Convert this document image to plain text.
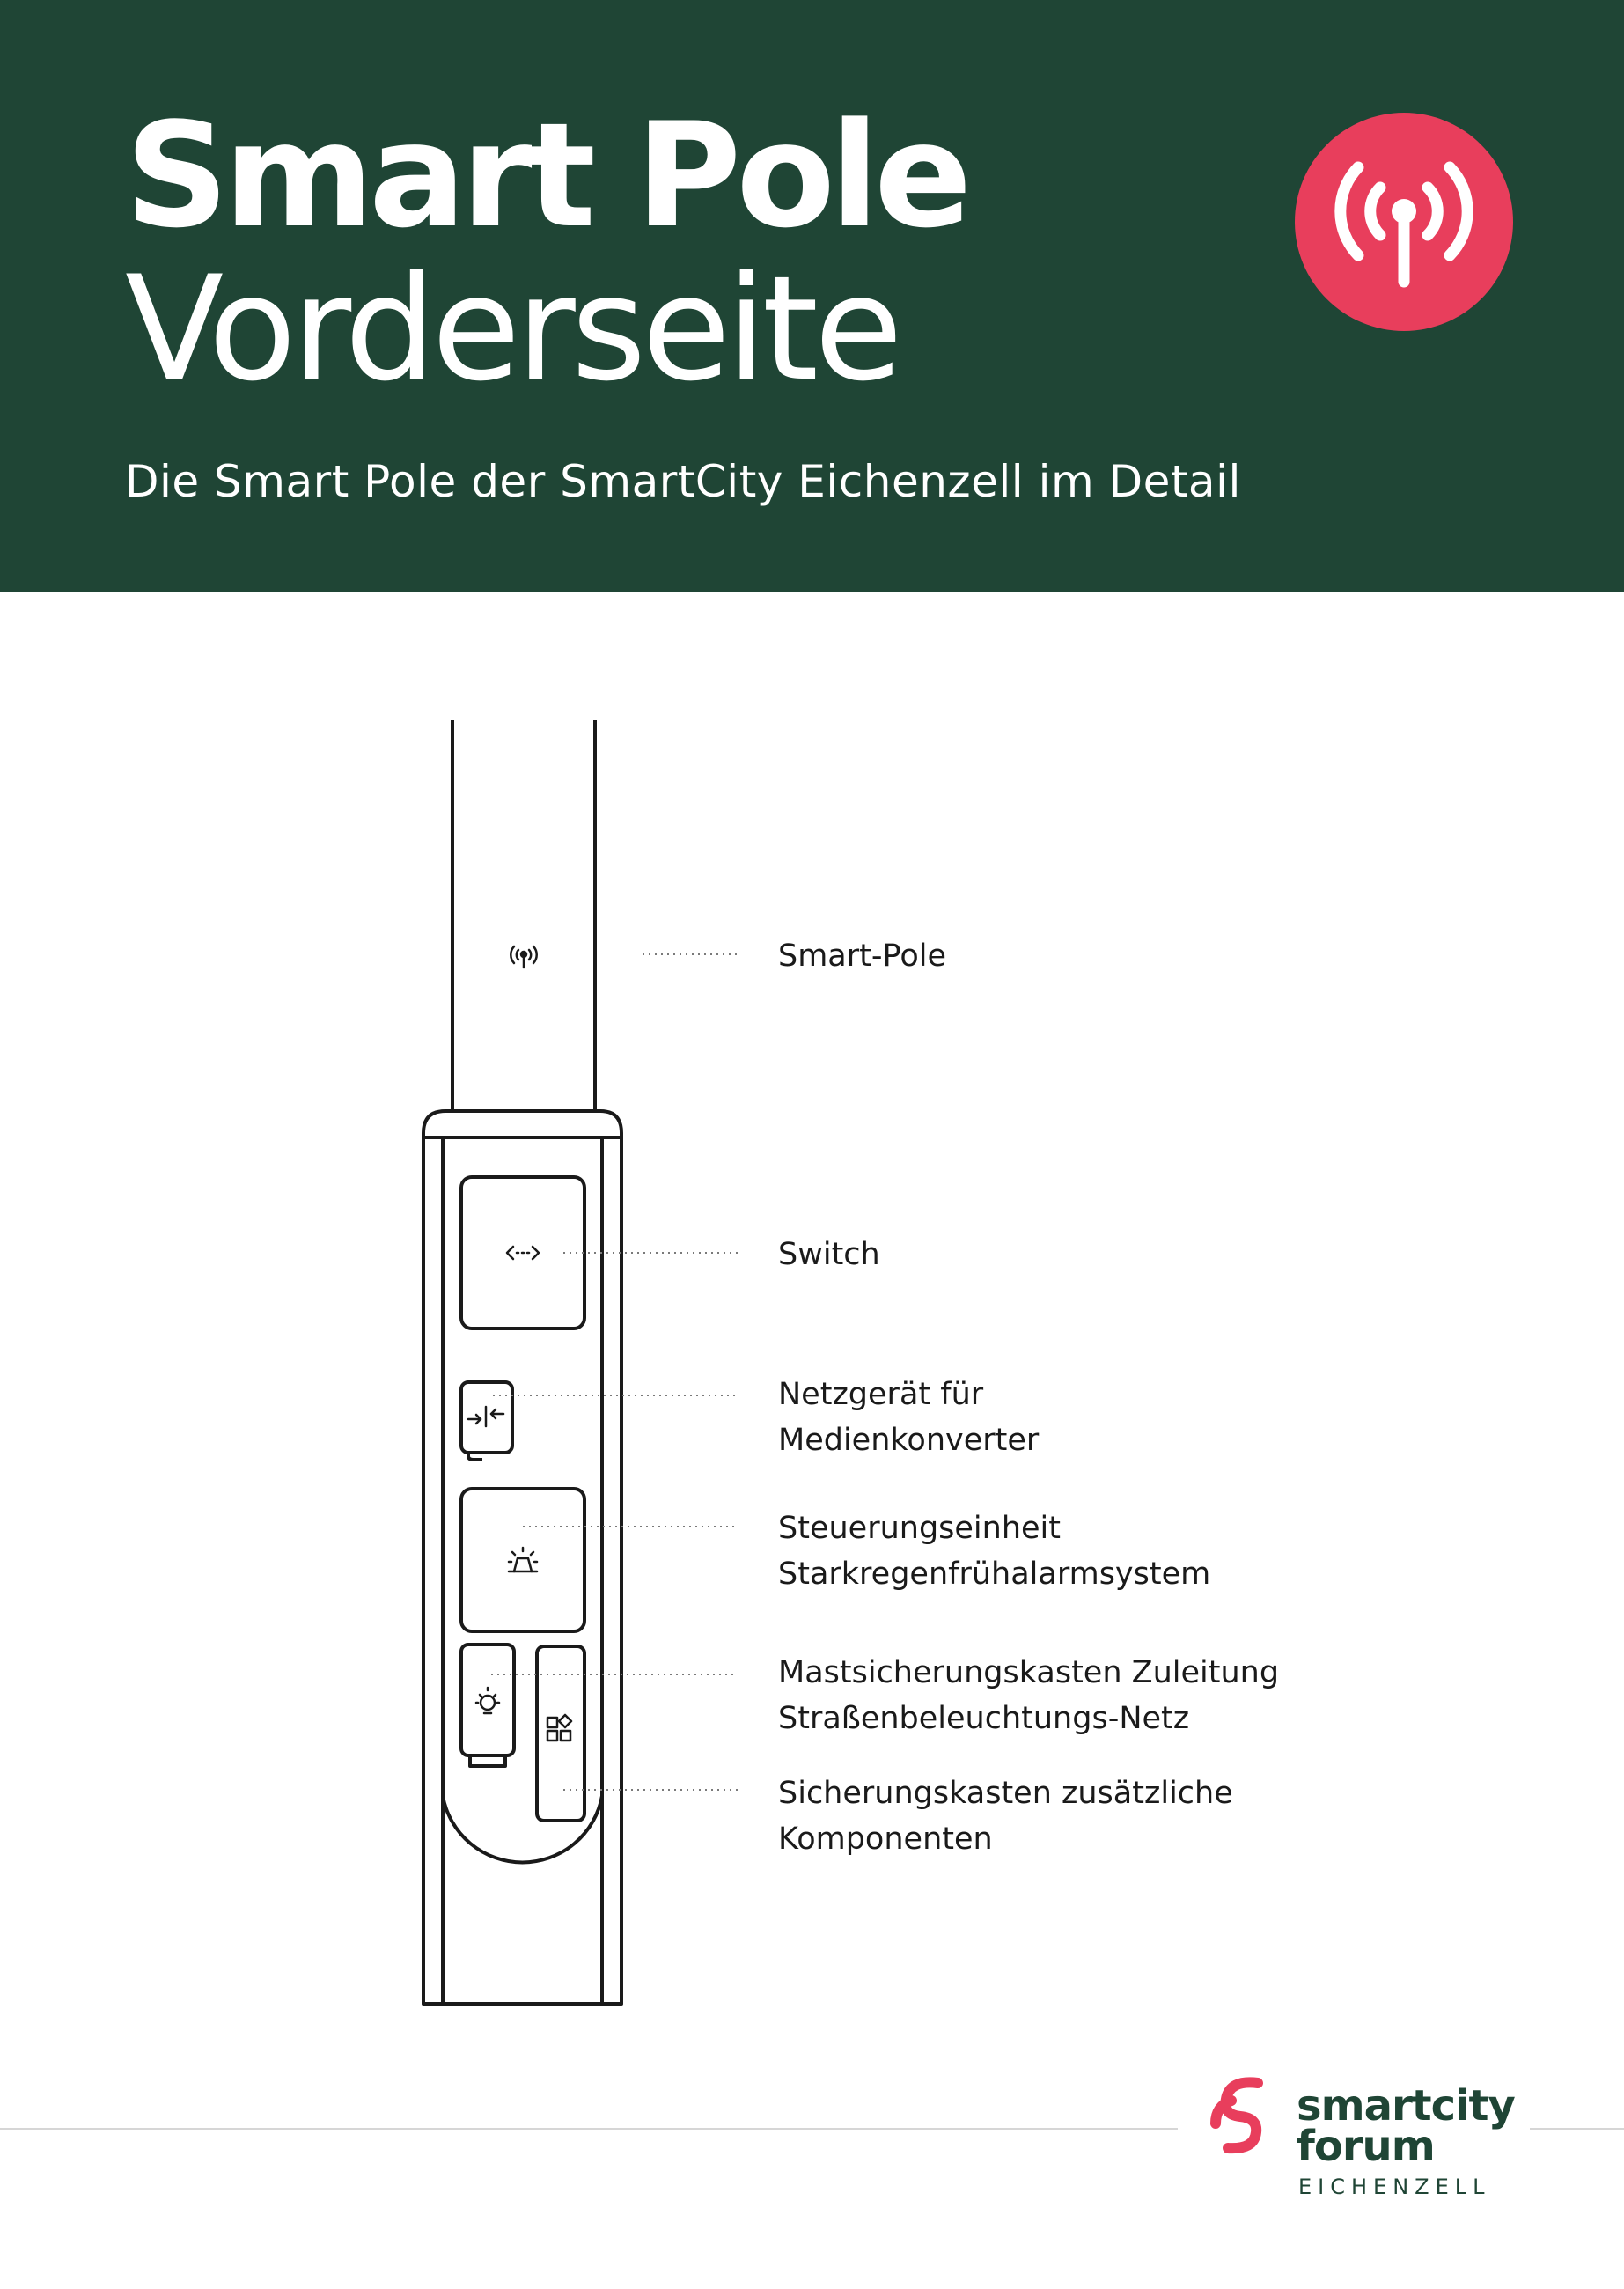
Smart Pole
Vorderseite
Die Smart Pole der SmartCity Eichenzell im Detail
Smart-Pole
Switch
Netzgerät für
Medienkonverter
Steuerungseinheit
Starkregenfrühalarmsystem
Mastsicherungskasten Zuleitung
Straßenbeleuchtungs-Netz
Sicherungskasten zusätzliche
Komponenten
smartcity
forum
EICHENZELL
